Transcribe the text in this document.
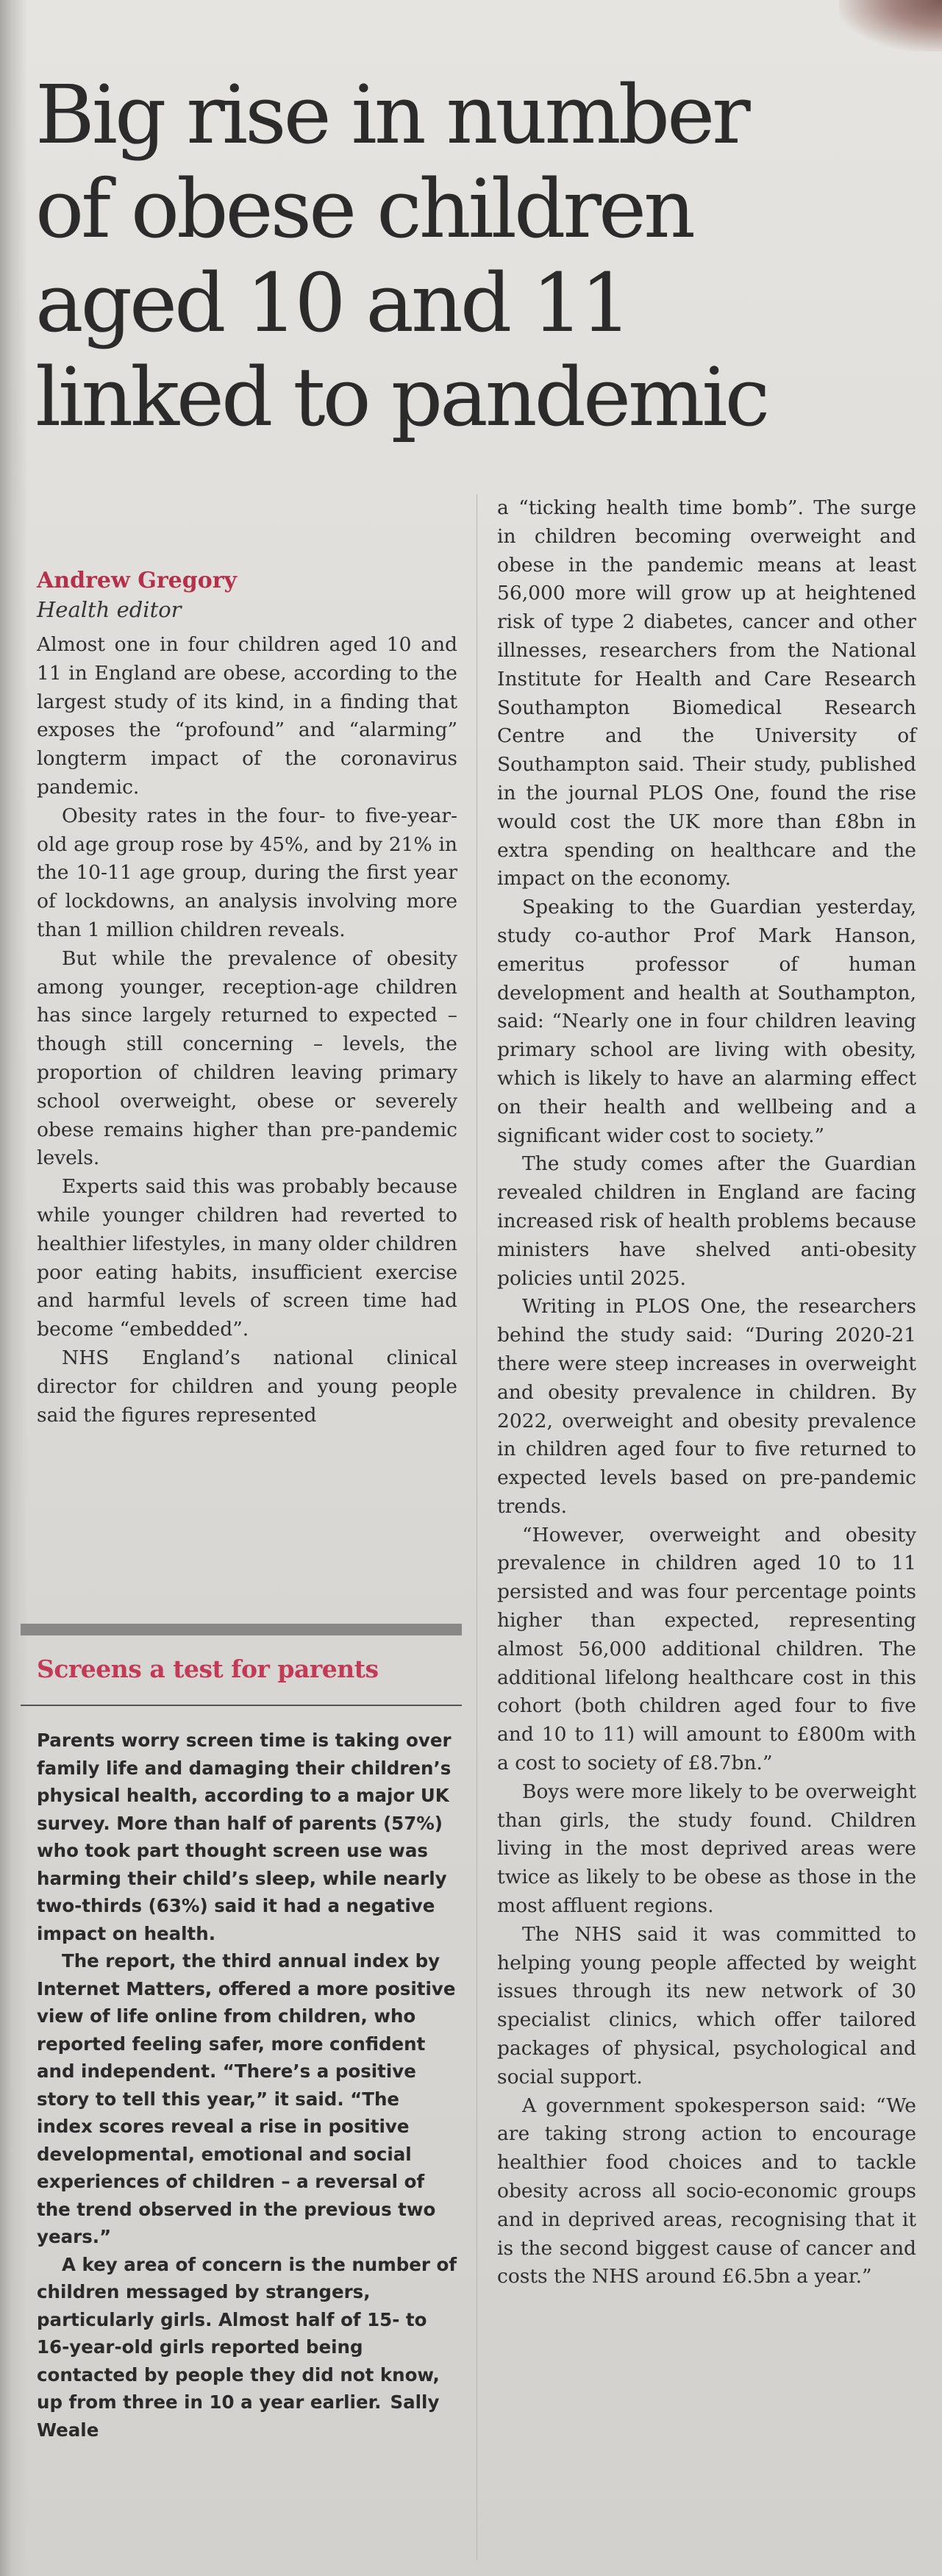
Big rise in number
of obese children
aged 10 and 11
linked to pandemic
Andrew Gregory
Health editor

Almost one in four children aged 10 and 11 in England are obese, according to the largest study of its kind, in a finding that exposes the “profound” and “alarming” longterm impact of the coronavirus pandemic.

Obesity rates in the four- to five-year-old age group rose by 45%, and by 21% in the 10-11 age group, during the first year of lockdowns, an analysis involving more than 1 million children reveals.

But while the prevalence of obesity among younger, reception-age children has since largely returned to expected – though still concerning – levels, the proportion of children leaving primary school overweight, obese or severely obese remains higher than pre-pandemic levels.

Experts said this was probably because while younger children had reverted to healthier lifestyles, in many older children poor eating habits, insufficient exercise and harmful levels of screen time had become “embedded”.

NHS England’s national clinical director for children and young people said the figures represented

a “ticking health time bomb”. The surge in children becoming overweight and obese in the pandemic means at least 56,000 more will grow up at heightened risk of type 2 diabetes, cancer and other illnesses, researchers from the National Institute for Health and Care Research Southampton Biomedical Research Centre and the University of Southampton said. Their study, published in the journal PLOS One, found the rise would cost the UK more than £8bn in extra spending on healthcare and the impact on the economy.

Speaking to the Guardian yesterday, study co-author Prof Mark Hanson, emeritus professor of human development and health at Southampton, said: “Nearly one in four children leaving primary school are living with obesity, which is likely to have an alarming effect on their health and wellbeing and a significant wider cost to society.”

The study comes after the Guardian revealed children in England are facing increased risk of health problems because ministers have shelved anti-obesity policies until 2025.

Writing in PLOS One, the researchers behind the study said: “During 2020-21 there were steep increases in overweight and obesity prevalence in children. By 2022, overweight and obesity prevalence in children aged four to five returned to expected levels based on pre-pandemic trends.

“However, overweight and obesity prevalence in children aged 10 to 11 persisted and was four percentage points higher than expected, representing almost 56,000 additional children. The additional lifelong healthcare cost in this cohort (both children aged four to five and 10 to 11) will amount to £800m with a cost to society of £8.7bn.”

Boys were more likely to be overweight than girls, the study found. Children living in the most deprived areas were twice as likely to be obese as those in the most affluent regions.

The NHS said it was committed to helping young people affected by weight issues through its new network of 30 specialist clinics, which offer tailored packages of physical, psychological and social support.

A government spokesperson said: “We are taking strong action to encourage healthier food choices and to tackle obesity across all socio-economic groups and in deprived areas, recognising that it is the second biggest cause of cancer and costs the NHS around £6.5bn a year.”

Screens a test for parents

Parents worry screen time is taking over family life and damaging their children’s physical health, according to a major UK survey. More than half of parents (57%) who took part thought screen use was harming their child’s sleep, while nearly two-thirds (63%) said it had a negative impact on health.

The report, the third annual index by Internet Matters, offered a more positive view of life online from children, who reported feeling safer, more confident and independent. “There’s a positive story to tell this year,” it said. “The index scores reveal a rise in positive developmental, emotional and social experiences of children – a reversal of the trend observed in the previous two years.”

A key area of concern is the number of children messaged by strangers, particularly girls. Almost half of 15- to 16-year-old girls reported being contacted by people they did not know, up from three in 10 a year earlier. Sally Weale
